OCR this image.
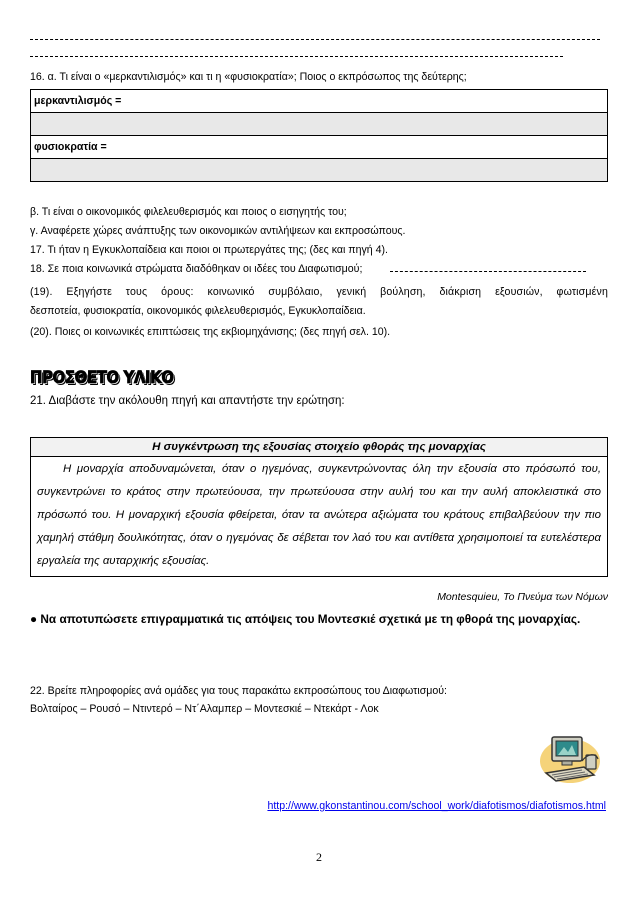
16. α. Τι είναι ο «μερκαντιλισμός» και τι η «φυσιοκρατία»; Ποιος ο εκπρόσωπος της δεύτερης;
μερκαντιλισμός =

φυσιοκρατία =

β. Τι είναι ο οικονομικός φιλελευθερισμός και ποιος ο εισηγητής του;
γ. Αναφέρετε χώρες ανάπτυξης των οικονομικών αντιλήψεων και εκπροσώπους.
17. Τι ήταν η Εγκυκλοπαίδεια και ποιοι οι πρωτεργάτες της; (δες και πηγή 4).
18. Σε ποια κοινωνικά στρώματα διαδόθηκαν οι ιδέες του Διαφωτισμού;
(19). Εξηγήστε τους όρους: κοινωνικό συμβόλαιο, γενική βούληση, διάκριση εξουσιών, φωτισμένη
δεσποτεία, φυσιοκρατία, οικονομικός φιλελευθερισμός, Εγκυκλοπαίδεια.
(20). Ποιες οι κοινωνικές επιπτώσεις της εκβιομηχάνισης; (δες πηγή σελ. 10).
ΠΡΟΣΘΕΤΟ ΥΛΙΚΟ
21. Διαβάστε την ακόλουθη πηγή και απαντήστε την ερώτηση:
Η συγκέντρωση της εξουσίας στοιχείο φθοράς της μοναρχίας

Η μοναρχία αποδυναμώνεται, όταν ο ηγεμόνας, συγκεντρώνοντας όλη την εξουσία στο πρόσωπό του, συγκεντρώνει το κράτος στην πρωτεύουσα, την πρωτεύουσα στην αυλή του και την αυλή αποκλειστικά στο πρόσωπό του. Η μοναρχική εξουσία φθείρεται, όταν τα ανώτερα αξιώματα του κράτους επιβαλβεύουν την πιο χαμηλή στάθμη δουλικότητας, όταν ο ηγεμόνας δε σέβεται τον λαό του και αντίθετα χρησιμοποιεί τα ευτελέστερα εργαλεία της αυταρχικής εξουσίας.

Montesquieu, Το Πνεύμα των Νόμων
● Να αποτυπώσετε επιγραμματικά τις απόψεις του Μοντεσκιέ σχετικά με τη φθορά της μοναρχίας.
22. Βρείτε πληροφορίες ανά ομάδες για τους παρακάτω εκπροσώπους του Διαφωτισμού:
Βολταίρος – Ρουσό – Ντιντερό – Ντ΄Αλαμπερ – Μοντεσκιέ – Ντεκάρτ - Λοκ
http://www.gkonstantinou.com/school_work/diafotismos/diafotismos.html
2
